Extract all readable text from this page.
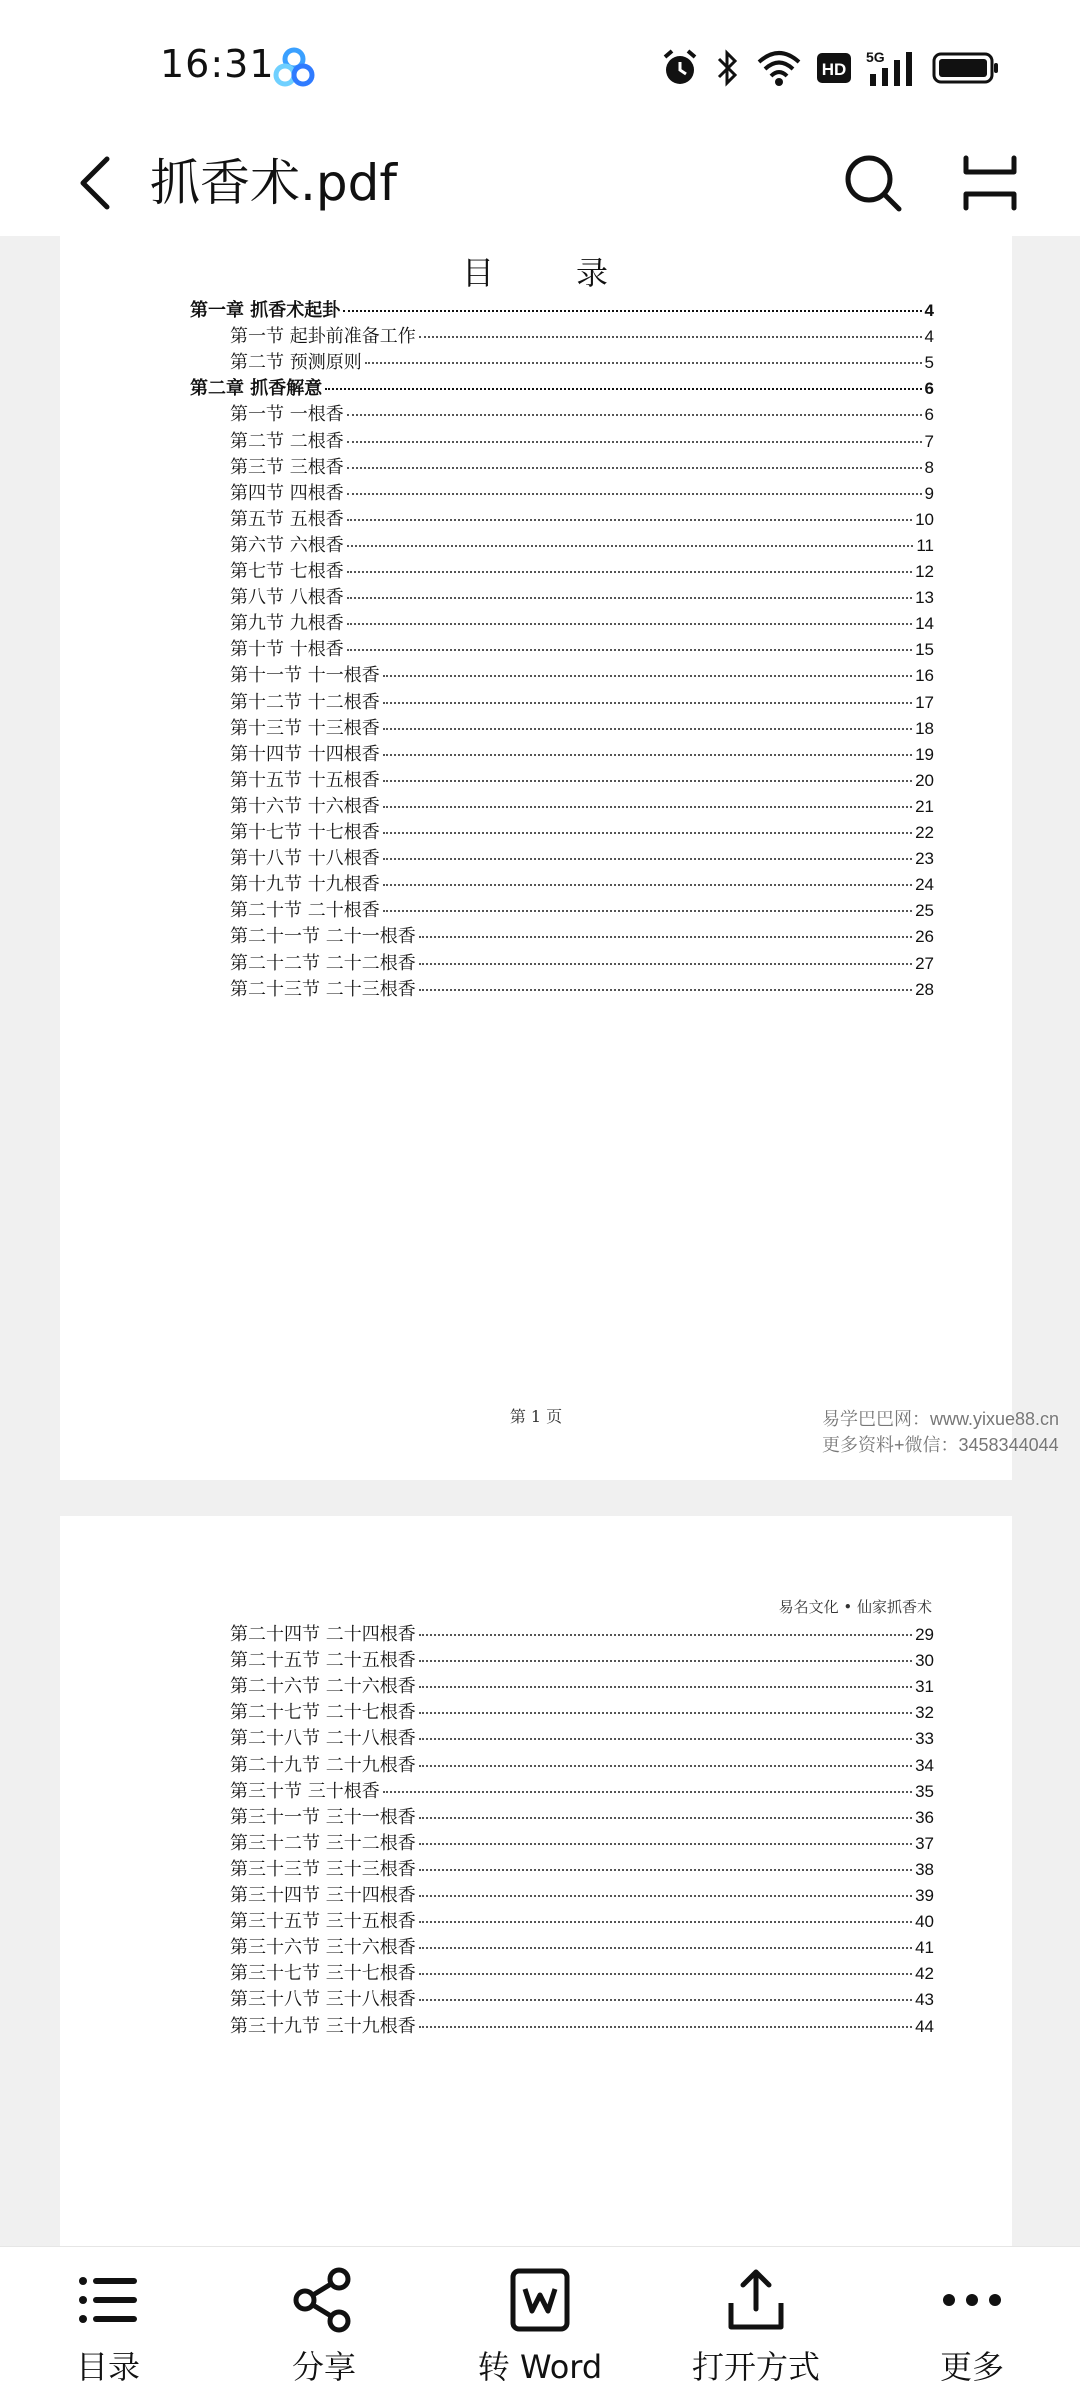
16:31	HD
5G
抓香术.pdf
目	录
第一章 抓香术起卦	4
第一节 起卦前准备工作	4
第二节 预测原则	5
第二章 抓香解意	6
第一节 一根香	6
第二节 二根香	7
第三节 三根香	8
第四节 四根香	9
第五节 五根香	10
第六节 六根香	11
第七节 七根香	12
第八节 八根香	13
第九节 九根香	14
第十节 十根香	15
第十一节 十一根香	16
第十二节 十二根香	17
第十三节 十三根香	18
第十四节 十四根香	19
第十五节 十五根香	20
第十六节 十六根香	21
第十七节 十七根香	22
第十八节 十八根香	23
第十九节 十九根香	24
第二十节 二十根香	25
第二十一节 二十一根香	26
第二十二节 二十二根香	27
第二十三节 二十三根香	28
第 1 页
易名文化 • 仙家抓香术
第二十四节 二十四根香	29
第二十五节 二十五根香	30
第二十六节 二十六根香	31
第二十七节 二十七根香	32
第二十八节 二十八根香	33
第二十九节 二十九根香	34
第三十节 三十根香	35
第三十一节 三十一根香	36
第三十二节 三十二根香	37
第三十三节 三十三根香	38
第三十四节 三十四根香	39
第三十五节 三十五根香	40
第三十六节 三十六根香	41
第三十七节 三十七根香	42
第三十八节 三十八根香	43
第三十九节 三十九根香	44
易学巴巴网：www.yixue88.cn
更多资料+微信：3458344044
目录	分享	转 Word	打开方式	更多
